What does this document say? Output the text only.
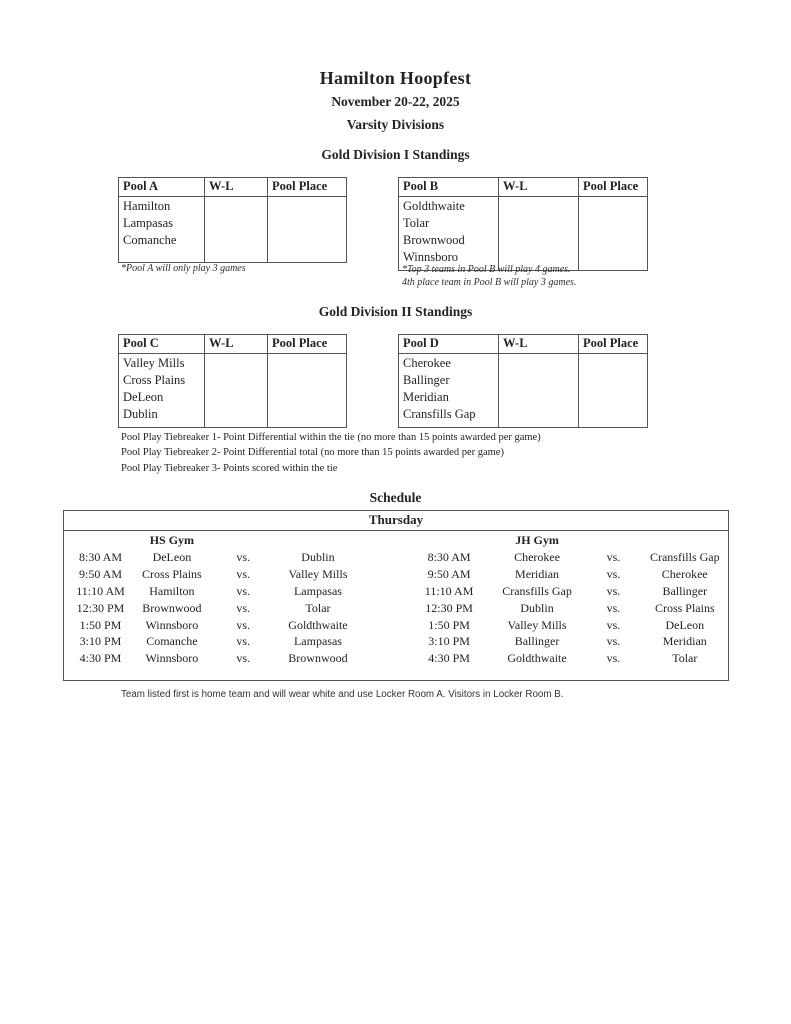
Hamilton Hoopfest
November 20-22, 2025
Varsity Divisions
Gold Division I Standings
Pool A	W-L	Pool Place
Hamilton
Lampasas
Comanche
*Pool A will only play 3 games
Pool B	W-L	Pool Place
Goldthwaite
Tolar
Brownwood
Winnsboro
*Top 3 teams in Pool B will play 4 games.
4th place team in Pool B will play 3 games.
Gold Division II Standings
Pool C	W-L	Pool Place
Valley Mills
Cross Plains
DeLeon
Dublin
Pool D	W-L	Pool Place
Cherokee
Ballinger
Meridian
Cransfills Gap
Pool Play Tiebreaker 1- Point Differential within the tie (no more than 15 points awarded per game)
Pool Play Tiebreaker 2- Point Differential total (no more than 15 points awarded per game)
Pool Play Tiebreaker 3- Points scored within the tie
Schedule
Thursday
HS Gym	JH Gym
8:30 AM	DeLeon	vs.	Dublin	8:30 AM	Cherokee	vs.	Cransfills Gap
9:50 AM	Cross Plains	vs.	Valley Mills	9:50 AM	Meridian	vs.	Cherokee
11:10 AM	Hamilton	vs.	Lampasas	11:10 AM	Cransfills Gap	vs.	Ballinger
12:30 PM	Brownwood	vs.	Tolar	12:30 PM	Dublin	vs.	Cross Plains
1:50 PM	Winnsboro	vs.	Goldthwaite	1:50 PM	Valley Mills	vs.	DeLeon
3:10 PM	Comanche	vs.	Lampasas	3:10 PM	Ballinger	vs.	Meridian
4:30 PM	Winnsboro	vs.	Brownwood	4:30 PM	Goldthwaite	vs.	Tolar
Team listed first is home team and will wear white and use Locker Room A. Visitors in Locker Room B.
